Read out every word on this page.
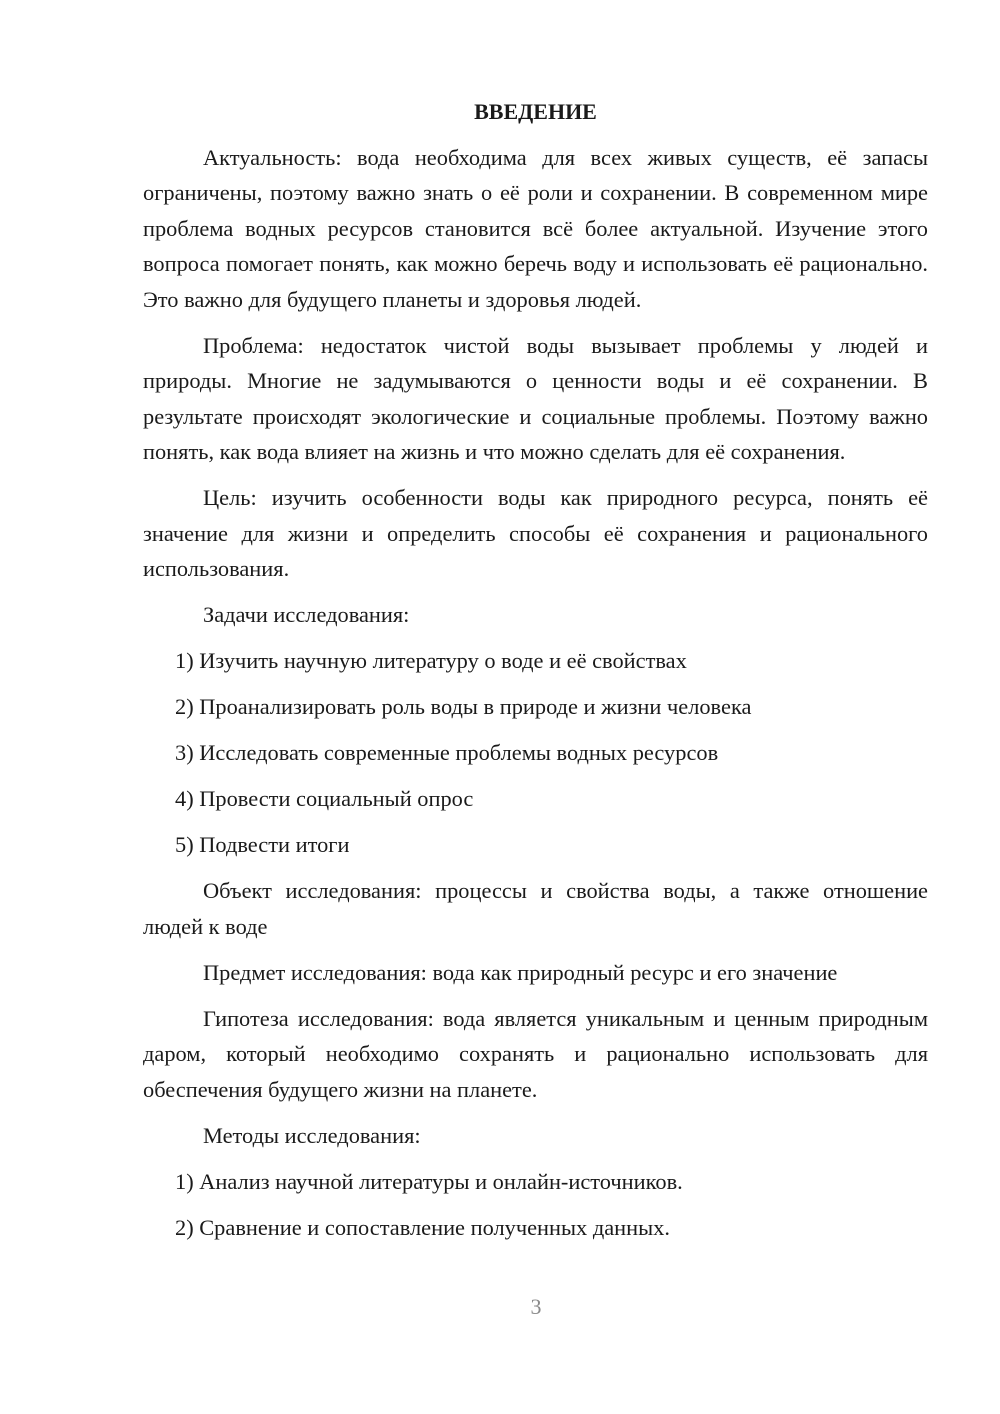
ВВЕДЕНИЕ

Актуальность: вода необходима для всех живых существ, её запасы ограничены, поэтому важно знать о её роли и сохранении. В современном мире проблема водных ресурсов становится всё более актуальной. Изучение этого вопроса помогает понять, как можно беречь воду и использовать её рационально. Это важно для будущего планеты и здоровья людей.

Проблема: недостаток чистой воды вызывает проблемы у людей и природы. Многие не задумываются о ценности воды и её сохранении. В результате происходят экологические и социальные проблемы. Поэтому важно понять, как вода влияет на жизнь и что можно сделать для её сохранения.

Цель: изучить особенности воды как природного ресурса, понять её значение для жизни и определить способы её сохранения и рационального использования.

Задачи исследования:

1) Изучить научную литературу о воде и её свойствах

2) Проанализировать роль воды в природе и жизни человека

3) Исследовать современные проблемы водных ресурсов

4) Провести социальный опрос

5) Подвести итоги

Объект исследования: процессы и свойства воды, а также отношение людей к воде

Предмет исследования: вода как природный ресурс и его значение

Гипотеза исследования: вода является уникальным и ценным природным даром, который необходимо сохранять и рационально использовать для обеспечения будущего жизни на планете.

Методы исследования:

1) Анализ научной литературы и онлайн-источников.

2) Сравнение и сопоставление полученных данных.

3
